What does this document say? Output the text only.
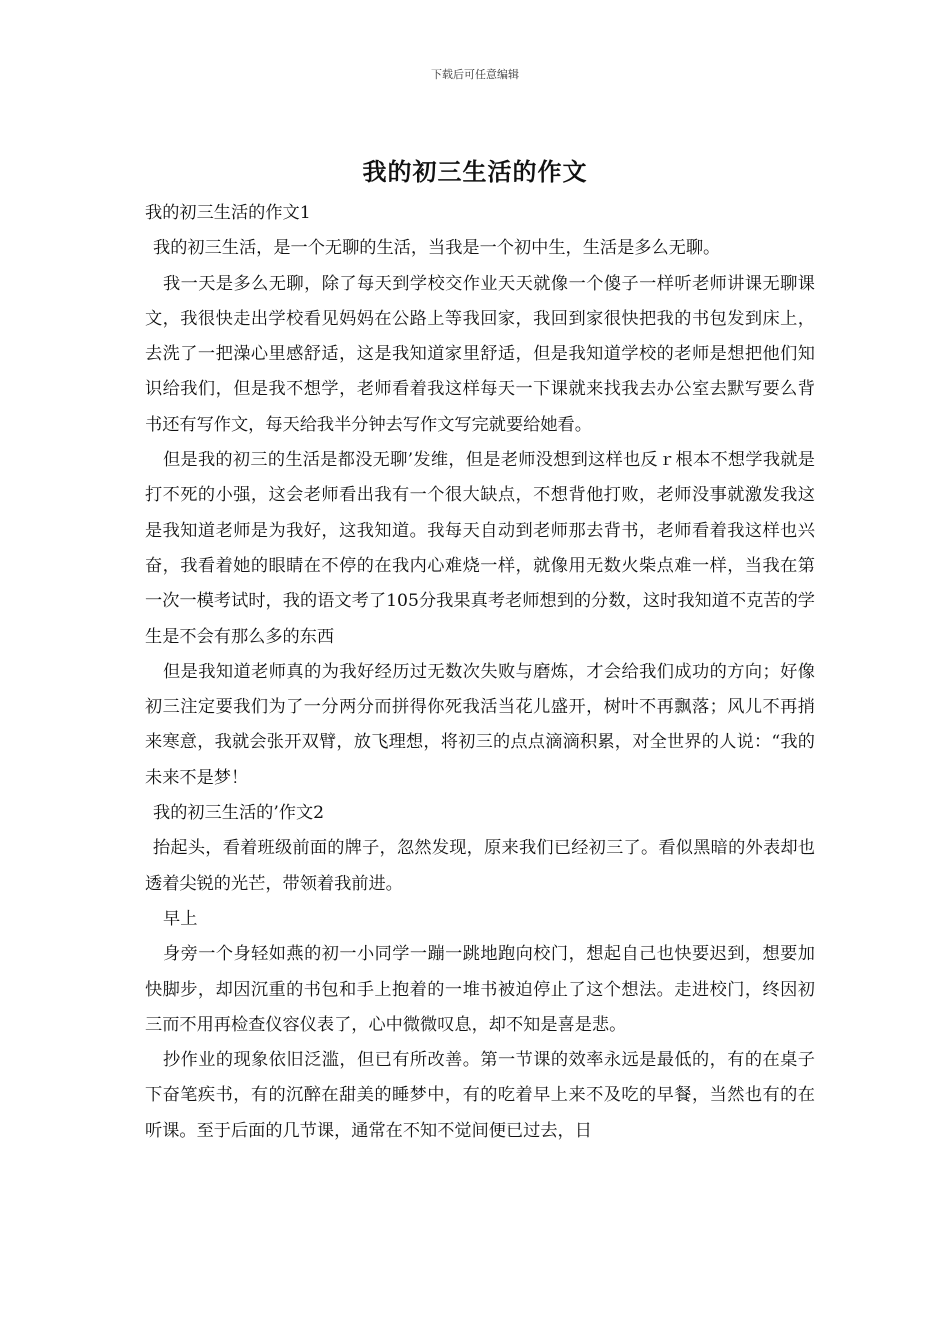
下载后可任意编辑
我的初三生活的作文

我的初三生活的作文1

我的初三生活，是一个无聊的生活，当我是一个初中生，生活是多么无聊。

我一天是多么无聊，除了每天到学校交作业天天就像一个傻子一样听老师讲课无聊课文，我很快走出学校看见妈妈在公路上等我回家，我回到家很快把我的书包发到床上，去洗了一把澡心里感舒适，这是我知道家里舒适，但是我知道学校的老师是想把他们知识给我们，但是我不想学，老师看着我这样每天一下课就来找我去办公室去默写要么背书还有写作文，每天给我半分钟去写作文写完就要给她看。

但是我的初三的生活是都没无聊’发维，但是老师没想到这样也反ｒ根本不想学我就是打不死的小强，这会老师看出我有一个很大缺点，不想背他打败，老师没事就激发我这是我知道老师是为我好，这我知道。我每天自动到老师那去背书，老师看着我这样也兴奋，我看着她的眼睛在不停的在我内心难烧一样，就像用无数火柴点难一样，当我在第一次一模考试时，我的语文考了105分我果真考老师想到的分数，这时我知道不克苦的学生是不会有那么多的东西

但是我知道老师真的为我好经历过无数次失败与磨炼，才会给我们成功的方向；好像初三注定要我们为了一分两分而拼得你死我活当花儿盛开，树叶不再飘落；风儿不再捎来寒意，我就会张开双臂，放飞理想，将初三的点点滴滴积累，对全世界的人说：“我的未来不是梦！

我的初三生活的’作文2

抬起头，看着班级前面的牌子，忽然发现，原来我们已经初三了。看似黑暗的外表却也透着尖锐的光芒，带领着我前进。

早上

身旁一个身轻如燕的初一小同学一蹦一跳地跑向校门，想起自己也快要迟到，想要加快脚步，却因沉重的书包和手上抱着的一堆书被迫停止了这个想法。走进校门，终因初三而不用再检查仪容仪表了，心中微微叹息，却不知是喜是悲。

抄作业的现象依旧泛滥，但已有所改善。第一节课的效率永远是最低的，有的在桌子下奋笔疾书，有的沉醉在甜美的睡梦中，有的吃着早上来不及吃的早餐，当然也有的在听课。至于后面的几节课，通常在不知不觉间便已过去，日
